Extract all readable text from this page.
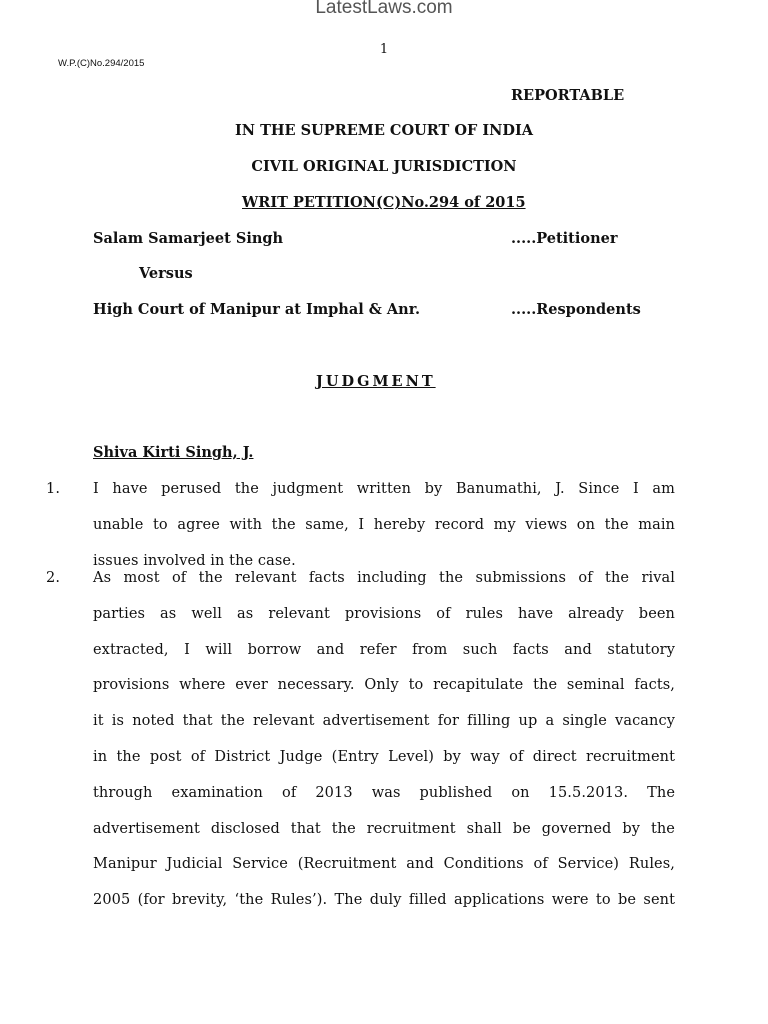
LatestLaws.com
1
W.P.(C)No.294/2015
REPORTABLE
IN THE SUPREME COURT OF INDIA
CIVIL ORIGINAL JURISDICTION
WRIT PETITION(C)No.294 of 2015
Salam Samarjeet Singh	.....Petitioner
Versus
High Court of Manipur at Imphal & Anr.	.....Respondents
JUDGMENT
Shiva Kirti Singh, J.
1. I have perused the judgment written by Banumathi, J. Since I am
unable to agree with the same, I hereby record my views on the main
issues involved in the case.
2. As most of the relevant facts including the submissions of the rival
parties as well as relevant provisions of rules have already been
extracted, I will borrow and refer from such facts and statutory
provisions where ever necessary. Only to recapitulate the seminal facts,
it is noted that the relevant advertisement for filling up a single vacancy
in the post of District Judge (Entry Level) by way of direct recruitment
through examination of 2013 was published on 15.5.2013. The
advertisement disclosed that the recruitment shall be governed by the
Manipur Judicial Service (Recruitment and Conditions of Service) Rules,
2005 (for brevity, ‘the Rules’). The duly filled applications were to be sent
